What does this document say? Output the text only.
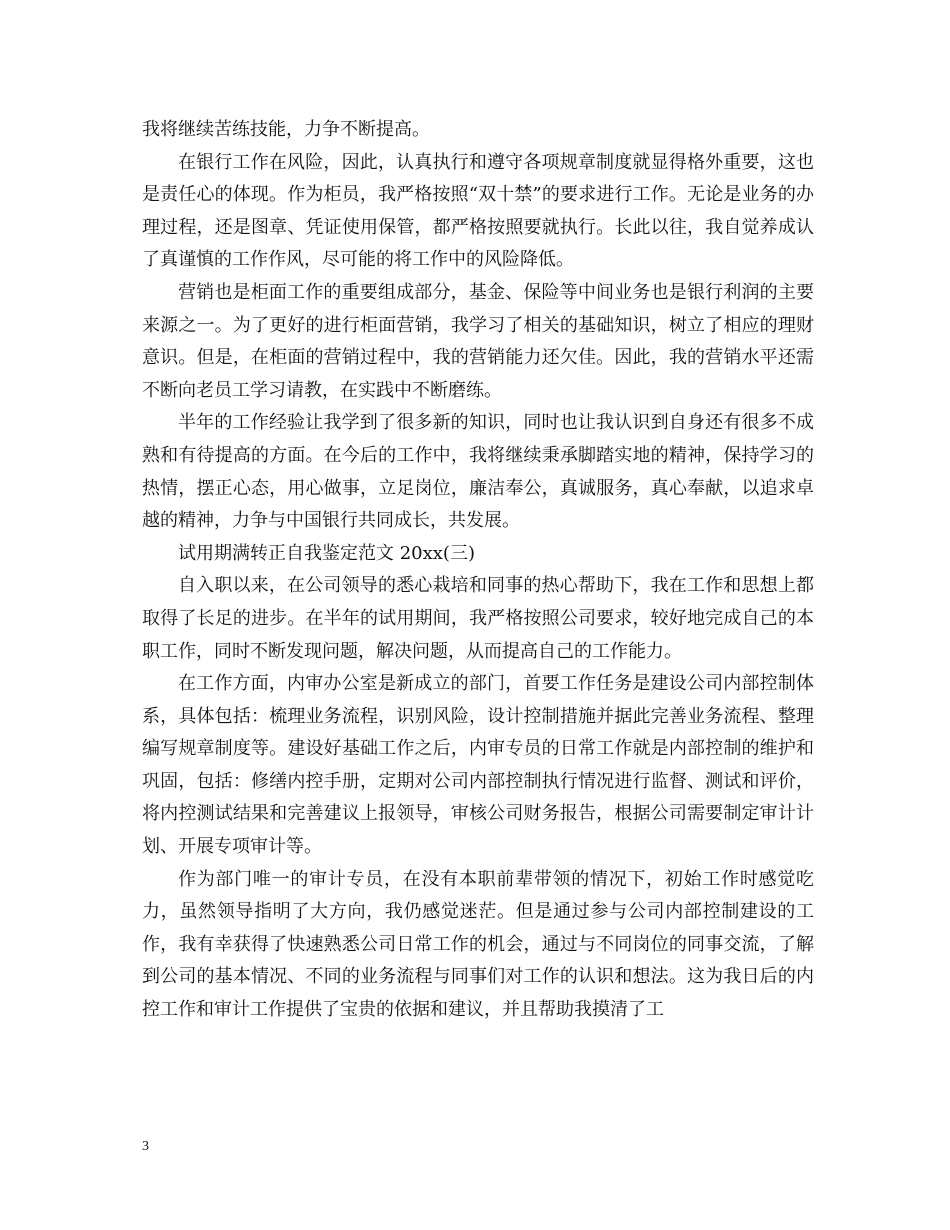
我将继续苦练技能，力争不断提高。

在银行工作在风险，因此，认真执行和遵守各项规章制度就显得格外重要，这也是责任心的体现。作为柜员，我严格按照“双十禁”的要求进行工作。无论是业务的办理过程，还是图章、凭证使用保管，都严格按照要就执行。长此以往，我自觉养成认了真谨慎的工作作风，尽可能的将工作中的风险降低。

营销也是柜面工作的重要组成部分，基金、保险等中间业务也是银行利润的主要来源之一。为了更好的进行柜面营销，我学习了相关的基础知识，树立了相应的理财意识。但是，在柜面的营销过程中，我的营销能力还欠佳。因此，我的营销水平还需不断向老员工学习请教，在实践中不断磨练。

半年的工作经验让我学到了很多新的知识，同时也让我认识到自身还有很多不成熟和有待提高的方面。在今后的工作中，我将继续秉承脚踏实地的精神，保持学习的热情，摆正心态，用心做事，立足岗位，廉洁奉公，真诚服务，真心奉献，以追求卓越的精神，力争与中国银行共同成长，共发展。

试用期满转正自我鉴定范文 20xx(三)

自入职以来，在公司领导的悉心栽培和同事的热心帮助下，我在工作和思想上都取得了长足的进步。在半年的试用期间，我严格按照公司要求，较好地完成自己的本职工作，同时不断发现问题，解决问题，从而提高自己的工作能力。

在工作方面，内审办公室是新成立的部门，首要工作任务是建设公司内部控制体系，具体包括：梳理业务流程，识别风险，设计控制措施并据此完善业务流程、整理编写规章制度等。建设好基础工作之后，内审专员的日常工作就是内部控制的维护和巩固，包括：修缮内控手册，定期对公司内部控制执行情况进行监督、测试和评价，将内控测试结果和完善建议上报领导，审核公司财务报告，根据公司需要制定审计计划、开展专项审计等。

作为部门唯一的审计专员，在没有本职前辈带领的情况下，初始工作时感觉吃力，虽然领导指明了大方向，我仍感觉迷茫。但是通过参与公司内部控制建设的工作，我有幸获得了快速熟悉公司日常工作的机会，通过与不同岗位的同事交流，了解到公司的基本情况、不同的业务流程与同事们对工作的认识和想法。这为我日后的内控工作和审计工作提供了宝贵的依据和建议，并且帮助我摸清了工

3
